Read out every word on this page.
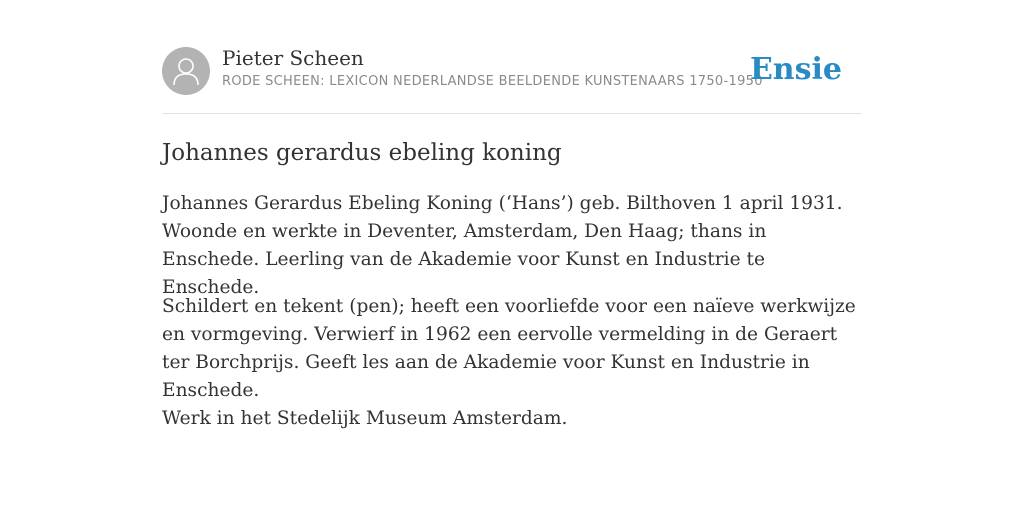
Pieter Scheen
RODE SCHEEN: LEXICON NEDERLANDSE BEELDENDE KUNSTENAARS 1750-1950
Ensie
Johannes gerardus ebeling koning

Johannes Gerardus Ebeling Koning (‘Hans’) geb. Bilthoven 1 april 1931. Woonde en werkte in Deventer, Amsterdam, Den Haag; thans in Enschede. Leerling van de Akademie voor Kunst en Industrie te Enschede.

Schildert en tekent (pen); heeft een voorliefde voor een naïeve werkwijze en vormgeving. Verwierf in 1962 een eervolle vermelding in de Geraert ter Borchprijs. Geeft les aan de Akademie voor Kunst en Industrie in Enschede.

Werk in het Stedelijk Museum Amsterdam.
